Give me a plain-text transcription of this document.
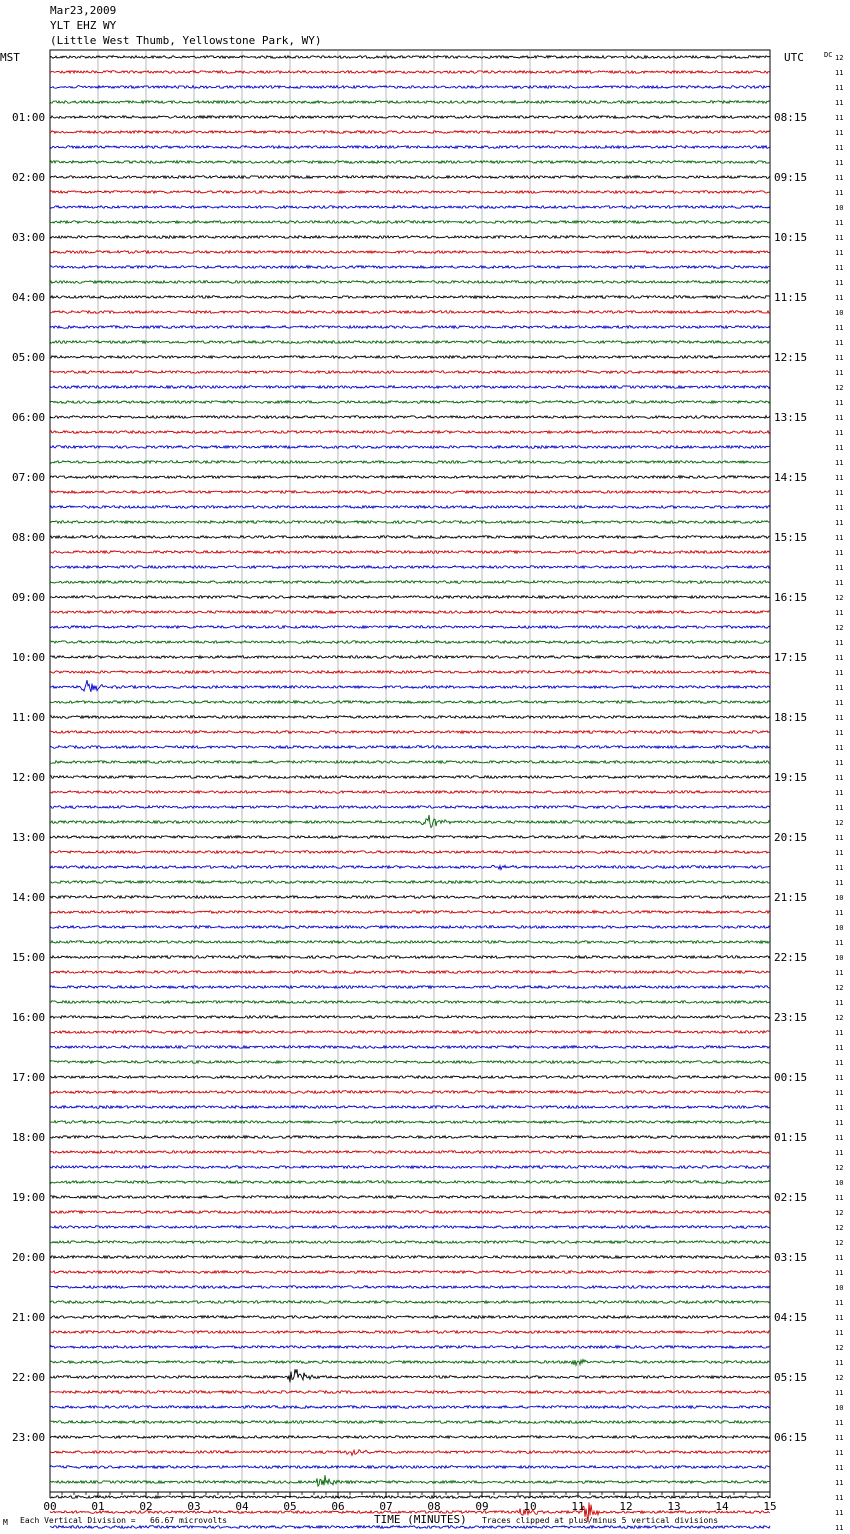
MST
01:00
02:00
03:00
04:00
05:00
06:00
07:00
08:00
09:00
10:00
11:00
12:00
13:00
14:00
15:00
16:00
17:00
18:00
19:00
20:00
21:00
22:00
23:00
UTC
08:15
09:15
10:15
11:15
12:15
13:15
14:15
15:15
16:15
17:15
18:15
19:15
20:15
21:15
22:15
23:15
00:15
01:15
02:15
03:15
04:15
05:15
06:15
DC 12
11
11
11
11
11
11
11
11
11
10
11
11
11
11
11
11
10
11
11
11
11
12
11
11
11
11
11
11
11
11
11
11
11
11
11
12
11
12
11
11
11
11
11
11
11
11
11
11
11
11
12
11
11
11
11
10
11
10
11
10
11
12
11
12
11
11
11
11
11
11
11
11
11
12
10
11
12
12
12
11
11
10
11
11
11
12
11
12
11
10
11
11
11
11
11
11
11
11
00	01	02	03	04	05	06	07	08	09	10	11	12	13	14	15
Mar23,2009
YLT EHZ WY
(Little West Thumb, Yellowstone Park, WY)
M Each Vertical Division =   66.67 microvolts	TIME (MINUTES) Traces clipped at plus/minus 5 vertical divisions
